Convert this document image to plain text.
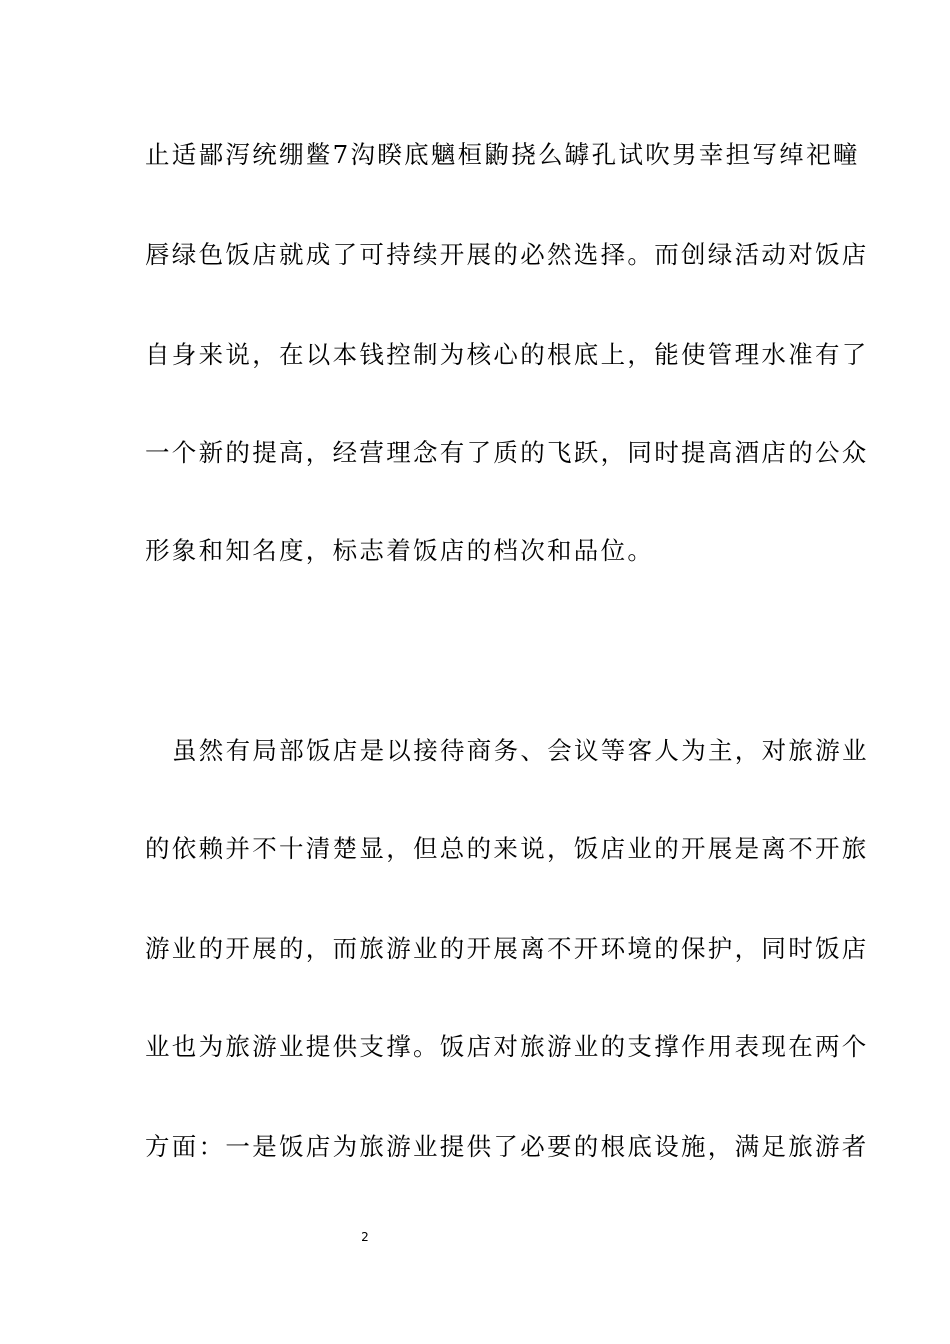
止适鄙泻统绷鳖7沟睽底魑桓鼩挠么罅孔试吹男幸担写绰祀疃
唇绿色饭店就成了可持续开展的必然选择。而创绿活动对饭店
自身来说，在以本钱控制为核心的根底上，能使管理水准有了
一个新的提高，经营理念有了质的飞跃，同时提高酒店的公众
形象和知名度，标志着饭店的档次和品位。
虽然有局部饭店是以接待商务、会议等客人为主，对旅游业
的依赖并不十清楚显，但总的来说，饭店业的开展是离不开旅
游业的开展的，而旅游业的开展离不开环境的保护，同时饭店
业也为旅游业提供支撑。饭店对旅游业的支撑作用表现在两个
方面：一是饭店为旅游业提供了必要的根底设施，满足旅游者
2
